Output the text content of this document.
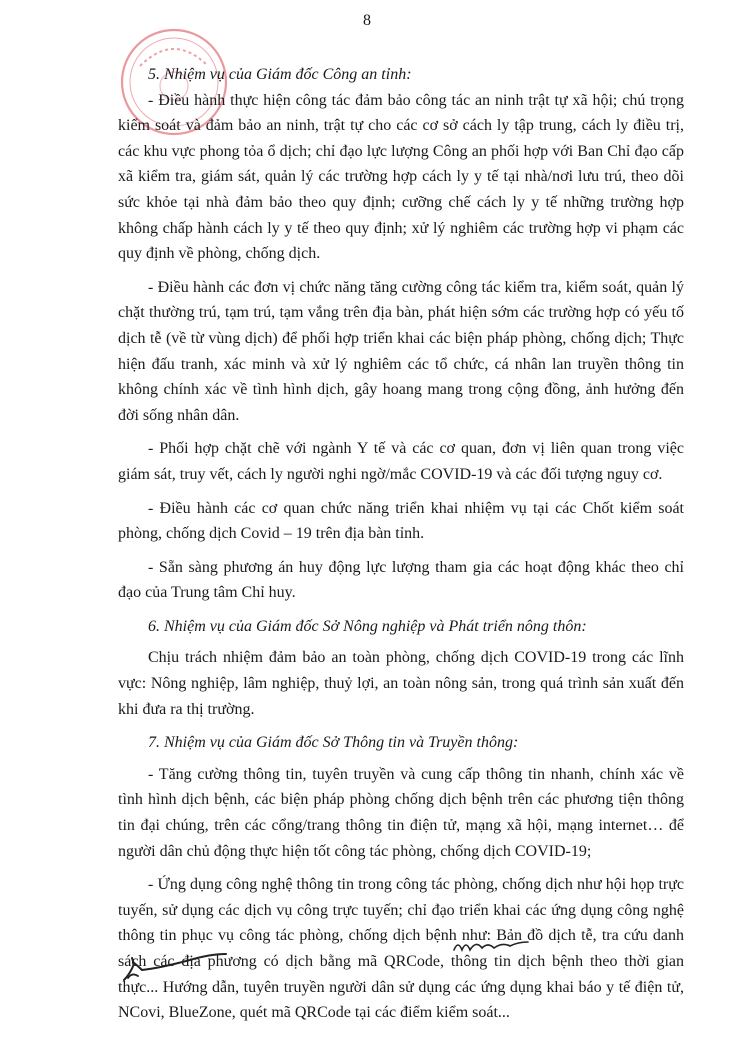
8

5. Nhiệm vụ của Giám đốc Công an tỉnh:

- Điều hành thực hiện công tác đảm bảo công tác an ninh trật tự xã hội; chú trọng kiểm soát và đảm bảo an ninh, trật tự cho các cơ sở cách ly tập trung, cách ly điều trị, các khu vực phong tỏa ổ dịch; chỉ đạo lực lượng Công an phối hợp với Ban Chỉ đạo cấp xã kiểm tra, giám sát, quản lý các trường hợp cách ly y tế tại nhà/nơi lưu trú, theo dõi sức khỏe tại nhà đảm bảo theo quy định; cưỡng chế cách ly y tế những trường hợp không chấp hành cách ly y tế theo quy định; xử lý nghiêm các trường hợp vi phạm các quy định về phòng, chống dịch.

- Điều hành các đơn vị chức năng tăng cường công tác kiểm tra, kiểm soát, quản lý chặt thường trú, tạm trú, tạm vắng trên địa bàn, phát hiện sớm các trường hợp có yếu tố dịch tễ (về từ vùng dịch) để phối hợp triển khai các biện pháp phòng, chống dịch; Thực hiện đấu tranh, xác minh và xử lý nghiêm các tổ chức, cá nhân lan truyền thông tin không chính xác về tình hình dịch, gây hoang mang trong cộng đồng, ảnh hưởng đến đời sống nhân dân.

- Phối hợp chặt chẽ với ngành Y tế và các cơ quan, đơn vị liên quan trong việc giám sát, truy vết, cách ly người nghi ngờ/mắc COVID-19 và các đối tượng nguy cơ.

- Điều hành các cơ quan chức năng triển khai nhiệm vụ tại các Chốt kiểm soát phòng, chống dịch Covid – 19 trên địa bàn tỉnh.

- Sẵn sàng phương án huy động lực lượng tham gia các hoạt động khác theo chỉ đạo của Trung tâm Chỉ huy.

6. Nhiệm vụ của Giám đốc Sở Nông nghiệp và Phát triển nông thôn:

Chịu trách nhiệm đảm bảo an toàn phòng, chống dịch COVID-19 trong các lĩnh vực: Nông nghiệp, lâm nghiệp, thuỷ lợi, an toàn nông sản, trong quá trình sản xuất đến khi đưa ra thị trường.

7. Nhiệm vụ của Giám đốc Sở Thông tin và Truyền thông:

- Tăng cường thông tin, tuyên truyền và cung cấp thông tin nhanh, chính xác về tình hình dịch bệnh, các biện pháp phòng chống dịch bệnh trên các phương tiện thông tin đại chúng, trên các cổng/trang thông tin điện tử, mạng xã hội, mạng internet… để người dân chủ động thực hiện tốt công tác phòng, chống dịch COVID-19;

- Ứng dụng công nghệ thông tin trong công tác phòng, chống dịch như hội họp trực tuyến, sử dụng các dịch vụ công trực tuyến; chỉ đạo triển khai các ứng dụng công nghệ thông tin phục vụ công tác phòng, chống dịch bệnh như: Bản đồ dịch tễ, tra cứu danh sách các địa phương có dịch bằng mã QRCode, thông tin dịch bệnh theo thời gian thực... Hướng dẫn, tuyên truyền người dân sử dụng các ứng dụng khai báo y tế điện tử, NCovi, BlueZone, quét mã QRCode tại các điểm kiểm soát...
